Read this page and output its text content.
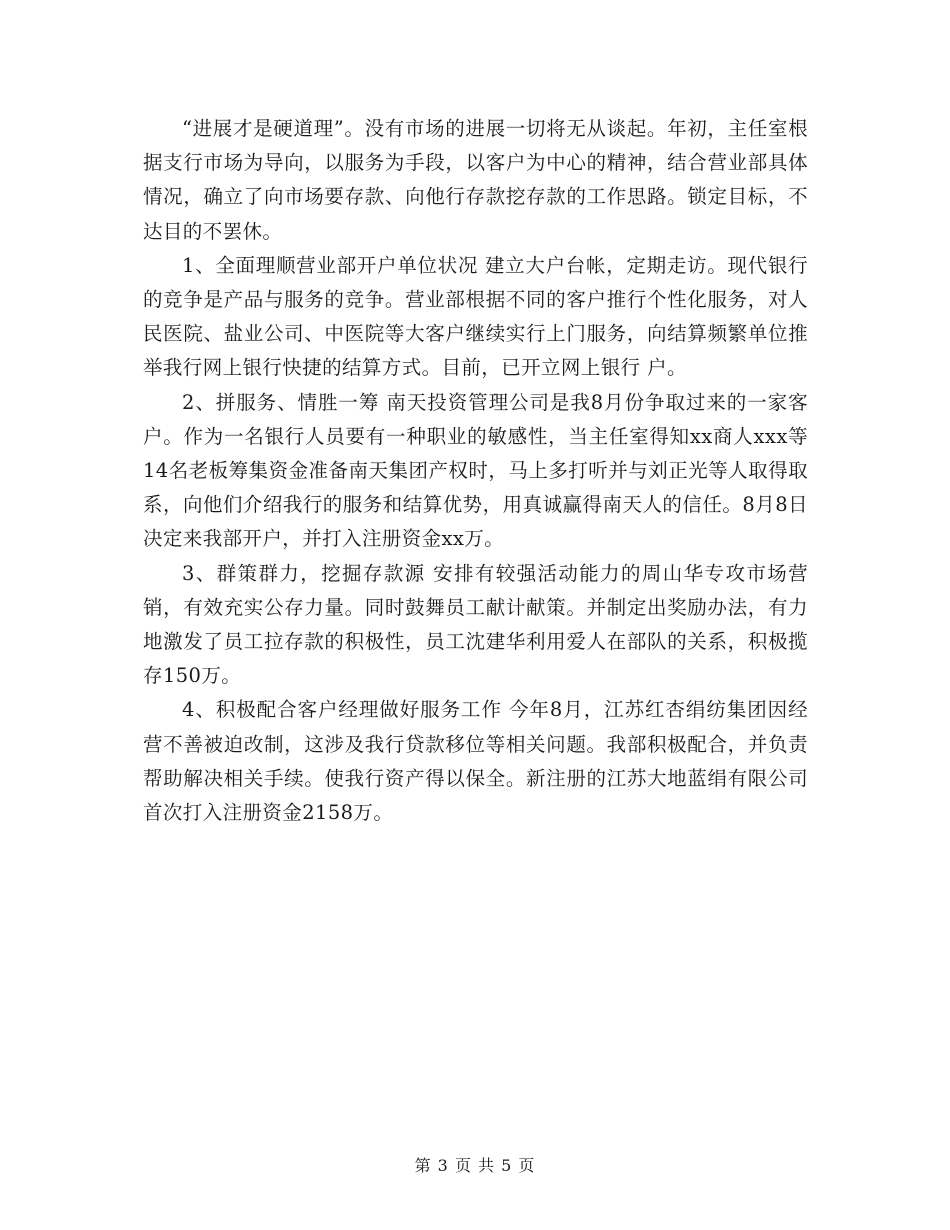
“进展才是硬道理”。没有市场的进展一切将无从谈起。年初，主任室根据支行市场为导向，以服务为手段，以客户为中心的精神，结合营业部具体情况，确立了向市场要存款、向他行存款挖存款的工作思路。锁定目标，不达目的不罢休。

1、全面理顺营业部开户单位状况 建立大户台帐，定期走访。现代银行的竞争是产品与服务的竞争。营业部根据不同的客户推行个性化服务，对人民医院、盐业公司、中医院等大客户继续实行上门服务，向结算频繁单位推举我行网上银行快捷的结算方式。目前，已开立网上银行 户。

2、拼服务、情胜一筹 南天投资管理公司是我8月份争取过来的一家客户。作为一名银行人员要有一种职业的敏感性，当主任室得知xx商人xxx等14名老板筹集资金准备南天集团产权时，马上多打听并与刘正光等人取得取系，向他们介绍我行的服务和结算优势，用真诚赢得南天人的信任。8月8日决定来我部开户，并打入注册资金xx万。

3、群策群力，挖掘存款源 安排有较强活动能力的周山华专攻市场营销，有效充实公存力量。同时鼓舞员工献计献策。并制定出奖励办法，有力地激发了员工拉存款的积极性，员工沈建华利用爱人在部队的关系，积极揽存150万。

4、积极配合客户经理做好服务工作 今年8月，江苏红杏绢纺集团因经营不善被迫改制，这涉及我行贷款移位等相关问题。我部积极配合，并负责帮助解决相关手续。使我行资产得以保全。新注册的江苏大地蓝绢有限公司首次打入注册资金2158万。

第 3 页 共 5 页
